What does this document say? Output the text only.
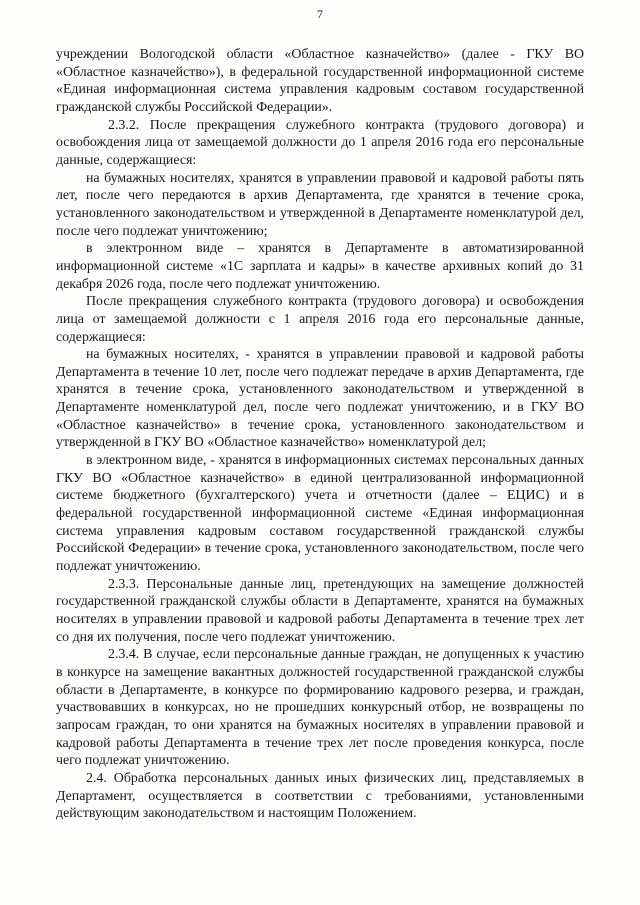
7

учреждении Вологодской области «Областное казначейство» (далее - ГКУ ВО «Областное казначейство»), в федеральной государственной информационной системе «Единая информационная система управления кадровым составом государственной гражданской службы Российской Федерации».

2.3.2. После прекращения служебного контракта (трудового договора) и освобождения лица от замещаемой должности до 1 апреля 2016 года его персональные данные, содержащиеся:

на бумажных носителях, хранятся в управлении правовой и кадровой работы пять лет, после чего передаются в архив Департамента, где хранятся в течение срока, установленного законодательством и утвержденной в Департаменте номенклатурой дел, после чего подлежат уничтожению;

в электронном виде – хранятся в Департаменте в автоматизированной информационной системе «1С зарплата и кадры» в качестве архивных копий до 31 декабря 2026 года, после чего подлежат уничтожению.

После прекращения служебного контракта (трудового договора) и освобождения лица от замещаемой должности с 1 апреля 2016 года его персональные данные, содержащиеся:

на бумажных носителях, - хранятся в управлении правовой и кадровой работы Департамента в течение 10 лет, после чего подлежат передаче в архив Департамента, где хранятся в течение срока, установленного законодательством и утвержденной в Департаменте номенклатурой дел, после чего подлежат уничтожению, и в ГКУ ВО «Областное казначейство» в течение срока, установленного законодательством и утвержденной в ГКУ ВО «Областное казначейство» номенклатурой дел;

в электронном виде, - хранятся в информационных системах персональных данных ГКУ ВО «Областное казначейство» в единой централизованной информационной системе бюджетного (бухгалтерского) учета и отчетности (далее – ЕЦИС) и в федеральной государственной информационной системе «Единая информационная система управления кадровым составом государственной гражданской службы Российской Федерации» в течение срока, установленного законодательством, после чего подлежат уничтожению.

2.3.3. Персональные данные лиц, претендующих на замещение должностей государственной гражданской службы области в Департаменте, хранятся на бумажных носителях в управлении правовой и кадровой работы Департамента в течение трех лет со дня их получения, после чего подлежат уничтожению.

2.3.4. В случае, если персональные данные граждан, не допущенных к участию в конкурсе на замещение вакантных должностей государственной гражданской службы области в Департаменте, в конкурсе по формированию кадрового резерва, и граждан, участвовавших в конкурсах, но не прошедших конкурсный отбор, не возвращены по запросам граждан, то они хранятся на бумажных носителях в управлении правовой и кадровой работы Департамента в течение трех лет после проведения конкурса, после чего подлежат уничтожению.

2.4. Обработка персональных данных иных физических лиц, представляемых в Департамент, осуществляется в соответствии с требованиями, установленными действующим законодательством и настоящим Положением.
